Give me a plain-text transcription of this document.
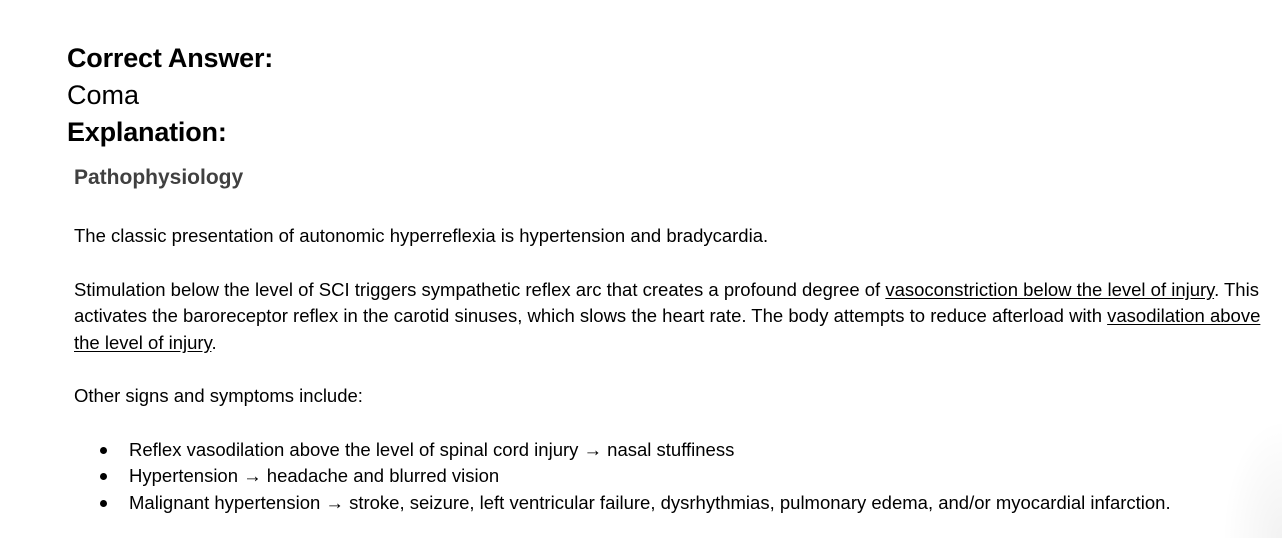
Correct Answer:

Coma

Explanation:

Pathophysiology

The classic presentation of autonomic hyperreflexia is hypertension and bradycardia.

Stimulation below the level of SCI triggers sympathetic reflex arc that creates a profound degree of vasoconstriction below the level of injury. This activates the baroreceptor reflex in the carotid sinuses, which slows the heart rate. The body attempts to reduce afterload with vasodilation above the level of injury.

Other signs and symptoms include:

Reflex vasodilation above the level of spinal cord injury → nasal stuffiness
Hypertension → headache and blurred vision
Malignant hypertension → stroke, seizure, left ventricular failure, dysrhythmias, pulmonary edema, and/or myocardial infarction.
